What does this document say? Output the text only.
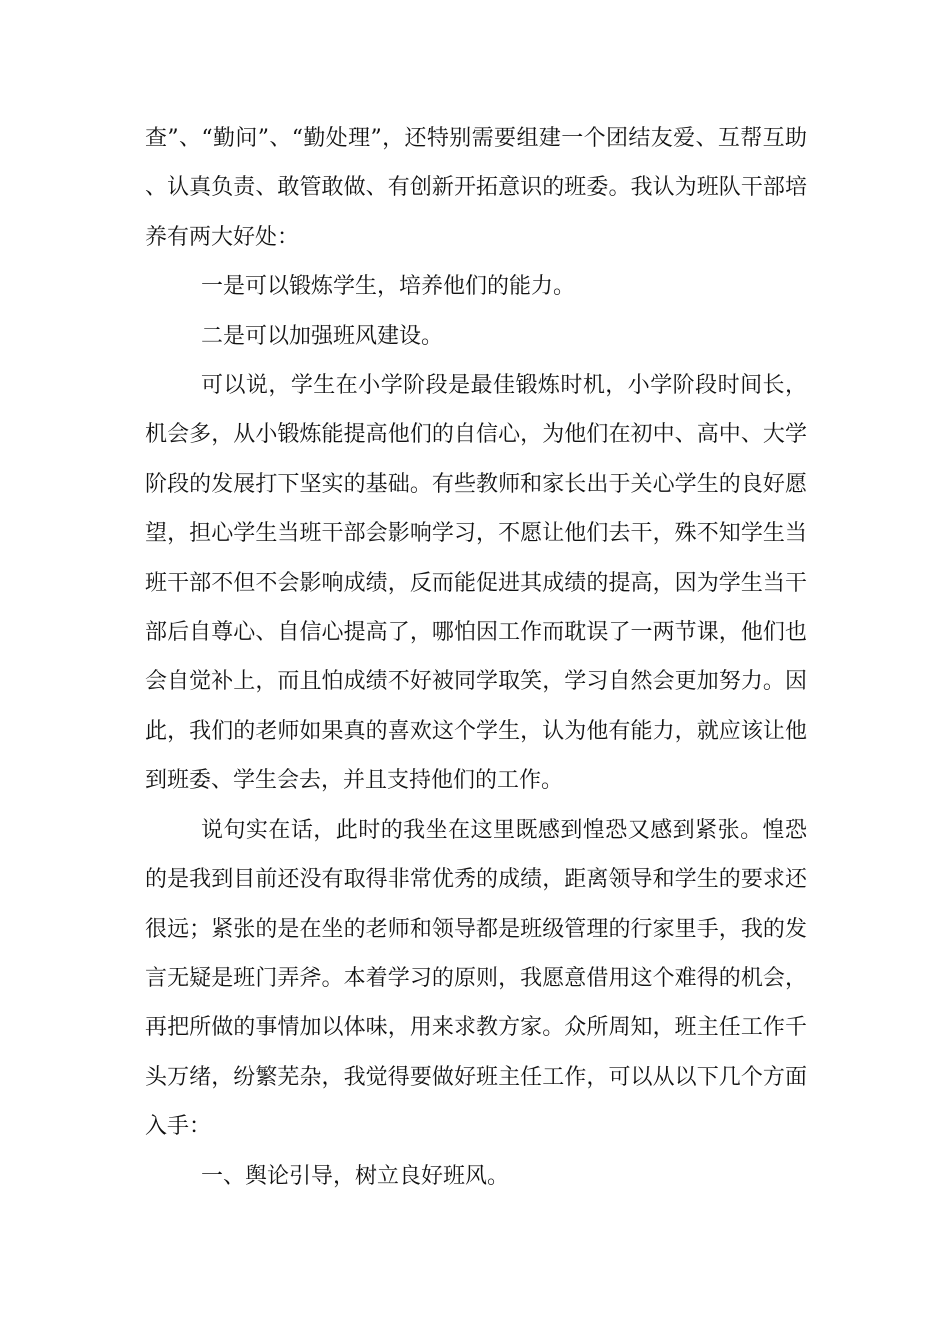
查”、“勤问”、“勤处理”，还特别需要组建一个团结友爱、互帮互助、认真负责、敢管敢做、有创新开拓意识的班委。我认为班队干部培养有两大好处：

一是可以锻炼学生，培养他们的能力。

二是可以加强班风建设。

可以说，学生在小学阶段是最佳锻炼时机，小学阶段时间长，机会多，从小锻炼能提高他们的自信心，为他们在初中、高中、大学阶段的发展打下坚实的基础。有些教师和家长出于关心学生的良好愿望，担心学生当班干部会影响学习，不愿让他们去干，殊不知学生当班干部不但不会影响成绩，反而能促进其成绩的提高，因为学生当干部后自尊心、自信心提高了，哪怕因工作而耽误了一两节课，他们也会自觉补上，而且怕成绩不好被同学取笑，学习自然会更加努力。因此，我们的老师如果真的喜欢这个学生，认为他有能力，就应该让他到班委、学生会去，并且支持他们的工作。

说句实在话，此时的我坐在这里既感到惶恐又感到紧张。惶恐的是我到目前还没有取得非常优秀的成绩，距离领导和学生的要求还很远；紧张的是在坐的老师和领导都是班级管理的行家里手，我的发言无疑是班门弄斧。本着学习的原则，我愿意借用这个难得的机会，再把所做的事情加以体味，用来求教方家。众所周知，班主任工作千头万绪，纷繁芜杂，我觉得要做好班主任工作，可以从以下几个方面入手：

一、舆论引导，树立良好班风。
